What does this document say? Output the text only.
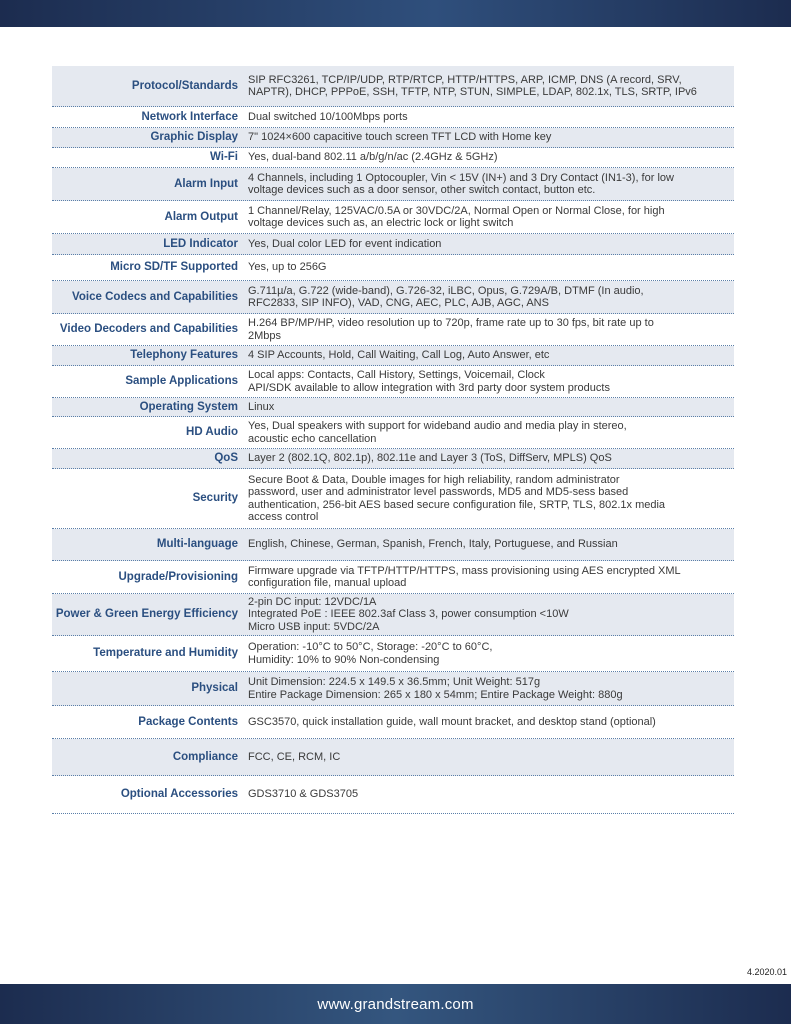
Protocol/Standards SIP RFC3261, TCP/IP/UDP, RTP/RTCP, HTTP/HTTPS, ARP, ICMP, DNS (A record, SRV,
NAPTR), DHCP, PPPoE, SSH, TFTP, NTP, STUN, SIMPLE, LDAP, 802.1x, TLS, SRTP, IPv6
Network Interface Dual switched 10/100Mbps ports
Graphic Display 7" 1024×600 capacitive touch screen TFT LCD with Home key
Wi-Fi Yes, dual-band 802.11 a/b/g/n/ac (2.4GHz & 5GHz)
Alarm Input 4 Channels, including 1 Optocoupler, Vin < 15V (IN+) and 3 Dry Contact (IN1-3), for low
voltage devices such as a door sensor, other switch contact, button etc.
Alarm Output 1 Channel/Relay, 125VAC/0.5A or 30VDC/2A, Normal Open or Normal Close, for high
voltage devices such as, an electric lock or light switch
LED Indicator Yes, Dual color LED for event indication
Micro SD/TF Supported Yes, up to 256G
Voice Codecs and Capabilities G.711µ/a, G.722 (wide-band), G.726-32, iLBC, Opus, G.729A/B, DTMF (In audio,
RFC2833, SIP INFO), VAD, CNG, AEC, PLC, AJB, AGC, ANS
Video Decoders and Capabilities H.264 BP/MP/HP, video resolution up to 720p, frame rate up to 30 fps, bit rate up to
2Mbps
Telephony Features 4 SIP Accounts, Hold, Call Waiting, Call Log, Auto Answer, etc
Sample Applications Local apps: Contacts, Call History, Settings, Voicemail, Clock
API/SDK available to allow integration with 3rd party door system products
Operating System Linux
HD Audio Yes, Dual speakers with support for wideband audio and media play in stereo,
acoustic echo cancellation
QoS Layer 2 (802.1Q, 802.1p), 802.11e and Layer 3 (ToS, DiffServ, MPLS) QoS
Security
Secure Boot & Data, Double images for high reliability, random administrator
password, user and administrator level passwords, MD5 and MD5-sess based
authentication, 256-bit AES based secure configuration file, SRTP, TLS, 802.1x media
access control
Multi-language English, Chinese, German, Spanish, French, Italy, Portuguese, and Russian
Upgrade/Provisioning Firmware upgrade via TFTP/HTTP/HTTPS, mass provisioning using AES encrypted XML
configuration file, manual upload
Power & Green Energy Efficiency
2-pin DC input: 12VDC/1A
Integrated PoE : IEEE 802.3af Class 3, power consumption <10W
Micro USB input: 5VDC/2A
Temperature and Humidity Operation: -10°C to 50°C, Storage: -20°C to 60°C,
Humidity: 10% to 90% Non-condensing
Physical Unit Dimension: 224.5 x 149.5 x 36.5mm; Unit Weight: 517g
Entire Package Dimension: 265 x 180 x 54mm; Entire Package Weight: 880g
Package Contents GSC3570, quick installation guide, wall mount bracket, and desktop stand (optional)
Compliance FCC, CE, RCM, IC
Optional Accessories GDS3710 & GDS3705
4.2020.01
www.grandstream.com
